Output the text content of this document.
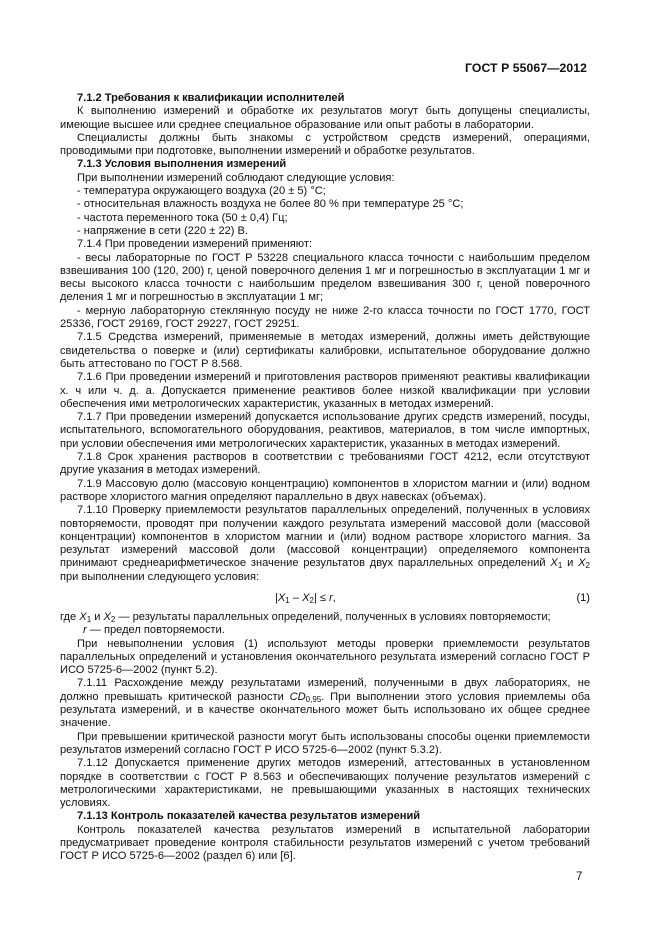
ГОСТ Р 55067—2012

7.1.2 Требования к квалификации исполнителей

К выполнению измерений и обработке их результатов могут быть допущены специалисты, имеющие высшее или среднее специальное образование или опыт работы в лаборатории.

Специалисты должны быть знакомы с устройством средств измерений, операциями, проводимыми при подготовке, выполнении измерений и обработке результатов.

7.1.3 Условия выполнения измерений

При выполнении измерений соблюдают следующие условия:

- температура окружающего воздуха (20 ± 5) °С;

- относительная влажность воздуха не более 80 % при температуре 25 °С;

- частота переменного тока (50 ± 0,4) Гц;

- напряжение в сети (220 ± 22) В.

7.1.4 При проведении измерений применяют:

- весы лабораторные по ГОСТ Р 53228 специального класса точности с наибольшим пределом взвешивания 100 (120, 200) г, ценой поверочного деления 1 мг и погрешностью в эксплуатации 1 мг и весы высокого класса точности с наибольшим пределом взвешивания 300 г, ценой поверочного деления 1 мг и погрешностью в эксплуатации 1 мг;

- мерную лабораторную стеклянную посуду не ниже 2-го класса точности по ГОСТ 1770, ГОСТ 25336, ГОСТ 29169, ГОСТ 29227, ГОСТ 29251.

7.1.5 Средства измерений, применяемые в методах измерений, должны иметь действующие свидетельства о поверке и (или) сертификаты калибровки, испытательное оборудование должно быть аттестовано по ГОСТ Р 8.568.

7.1.6 При проведении измерений и приготовления растворов применяют реактивы квалификации х. ч или ч. д. а. Допускается применение реактивов более низкой квалификации при условии обеспечения ими метрологических характеристик, указанных в методах измерений.

7.1.7 При проведении измерений допускается использование других средств измерений, посуды, испытательного, вспомогательного оборудования, реактивов, материалов, в том числе импортных, при условии обеспечения ими метрологических характеристик, указанных в методах измерений.

7.1.8 Срок хранения растворов в соответствии с требованиями ГОСТ 4212, если отсутствуют другие указания в методах измерений.

7.1.9 Массовую долю (массовую концентрацию) компонентов в хлористом магнии и (или) водном растворе хлористого магния определяют параллельно в двух навесках (объемах).

7.1.10 Проверку приемлемости результатов параллельных определений, полученных в условиях повторяемости, проводят при получении каждого результата измерений массовой доли (массовой концентрации) компонентов в хлористом магнии и (или) водном растворе хлористого магния. За результат измерений массовой доли (массовой концентрации) определяемого компонента принимают среднеарифметическое значение результатов двух параллельных определений $X_1$ и $X_2$ при выполнении следующего условия:

$|X_1 - X_2| \le r$,	(1)

где $X_1$ и $X_2$ — результаты параллельных определений, полученных в условиях повторяемости;

r — предел повторяемости.

При невыполнении условия (1) используют методы проверки приемлемости результатов параллельных определений и установления окончательного результата измерений согласно ГОСТ Р ИСО 5725-6—2002 (пункт 5.2).

7.1.11 Расхождение между результатами измерений, полученными в двух лабораториях, не должно превышать критической разности $CD_{0,95}$. При выполнении этого условия приемлемы оба результата измерений, и в качестве окончательного может быть использовано их общее среднее значение.

При превышении критической разности могут быть использованы способы оценки приемлемости результатов измерений согласно ГОСТ Р ИСО 5725-6—2002 (пункт 5.3.2).

7.1.12 Допускается применение других методов измерений, аттестованных в установленном порядке в соответствии с ГОСТ Р 8.563 и обеспечивающих получение результатов измерений с метрологическими характеристиками, не превышающими указанных в настоящих технических условиях.

7.1.13 Контроль показателей качества результатов измерений

Контроль показателей качества результатов измерений в испытательной лаборатории предусматривает проведение контроля стабильности результатов измерений с учетом требований ГОСТ Р ИСО 5725-6—2002 (раздел 6) или [6].

7
